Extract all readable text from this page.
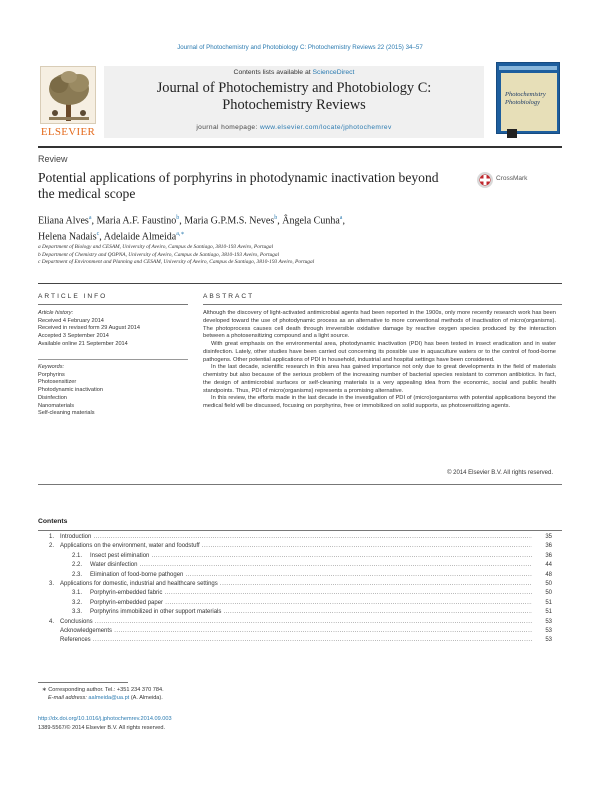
Journal of Photochemistry and Photobiology C: Photochemistry Reviews 22 (2015) 34–57
ELSEVIER
Contents lists available at ScienceDirect
Journal of Photochemistry and Photobiology C:
Photochemistry Reviews
journal homepage: www.elsevier.com/locate/jphotochemrev
Photochemistry Photobiology
Review
Potential applications of porphyrins in photodynamic inactivation beyond the medical scope
CrossMark
Eliana Alves$^a$, Maria A.F. Faustino$^b$, Maria G.P.M.S. Neves$^b$, Ângela Cunha$^a$,
Helena Nadais$^c$, Adelaide Almeida$^{a,∗}$
a Department of Biology and CESAM, University of Aveiro, Campus de Santiago, 3810-193 Aveiro, Portugal
b Department of Chemistry and QOPNA, University of Aveiro, Campus de Santiago, 3810-193 Aveiro, Portugal
c Department of Environment and Planning and CESAM, University of Aveiro, Campus de Santiago, 3810-193 Aveiro, Portugal
ARTICLE INFO	ABSTRACT
Article history:
Received 4 February 2014
Received in revised form 29 August 2014
Accepted 3 September 2014
Available online 21 September 2014
Keywords:
Porphyrins
Photosensitizer
Photodynamic inactivation
Disinfection
Nanomaterials
Self-cleaning materials

Although the discovery of light-activated antimicrobial agents had been reported in the 1900s, only more recently research work has been developed toward the use of photodynamic process as an alternative to more conventional methods of inactivation of micro(organisms). The photoprocess causes cell death through irreversible oxidative damage by reactive oxygen species produced by the interaction between a photosensitizing compound and a light source.

With great emphasis on the environmental area, photodynamic inactivation (PDI) has been tested in insect eradication and in water disinfection. Lately, other studies have been carried out concerning its possible use in aquaculture waters or to the control of food-borne pathogens. Other potential applications of PDI in household, industrial and hospital settings have been considered.

In the last decade, scientific research in this area has gained importance not only due to great developments in the field of materials chemistry but also because of the serious problem of the increasing number of bacterial species resistant to common antibiotics. In fact, the design of antimicrobial surfaces or self-cleaning materials is a very appealing idea from the economic, social and public health standpoints. Thus, PDI of micro(organisms) represents a promising alternative.

In this review, the efforts made in the last decade in the investigation of PDI of (micro)organisms with potential applications beyond the medical field will be discussed, focusing on porphyrins, free or immobilized on solid supports, as photosensitizing agents.

© 2014 Elsevier B.V. All rights reserved.
Contents
1.	Introduction .....	35
2.	Applications on the environment, water and foodstuff .....	36
2.1.	Insect pest elimination .....	36
2.2.	Water disinfection .....	44
2.3.	Elimination of food-borne pathogen .....	48
3.	Applications for domestic, industrial and healthcare settings .....	50
3.1.	Porphyrin-embedded fabric .....	50
3.2.	Porphyrin-embedded paper .....	51
3.3.	Porphyrins immobilized in other support materials .....	51
4.	Conclusions .....	53
Acknowledgements .....	53
References .....	53
∗ Corresponding author. Tel.: +351 234 370 784.
E-mail address: aalmeida@ua.pt (A. Almeida).
http://dx.doi.org/10.1016/j.jphotochemrev.2014.09.003
1389-5567/© 2014 Elsevier B.V. All rights reserved.
